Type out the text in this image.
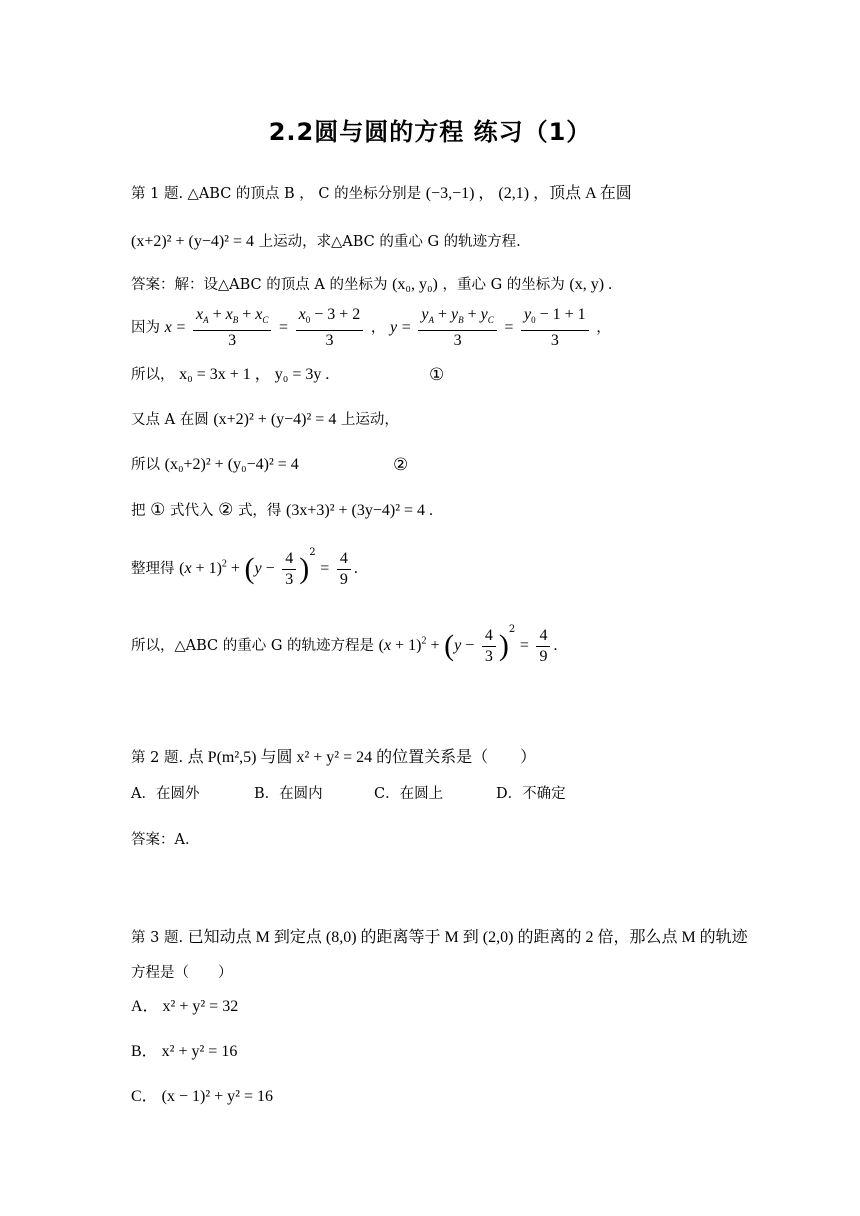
2.2圆与圆的方程 练习（1）
第 1 题. △ABC 的顶点 B ， C 的坐标分别是 (−3,−1) ， (2,1) ，顶点 A 在圆
(x+2)² + (y−4)² = 4 上运动，求△ABC 的重心 G 的轨迹方程.
答案：解：设△ABC 的顶点 A 的坐标为 (x₀, y₀) ，重心 G 的坐标为 (x, y) .
因为 $x = \frac{x_A + x_B + x_C}{3} = \frac{x_0 - 3 + 2}{3}$ ， $y = \frac{y_A + y_B + y_C}{3} = \frac{y_0 - 1 + 1}{3}$ ，
所以， x₀ = 3x + 1 ， y₀ = 3y .	①
又点 A 在圆 (x+2)² + (y−4)² = 4 上运动，
所以 (x₀+2)² + (y₀−4)² = 4	②
把 ① 式代入 ② 式，得 (3x+3)² + (3y−4)² = 4 .
整理得 $(x + 1)^2 + (y - \frac{4}{3} )^2 = \frac{4}{9}$ .
所以，△ABC 的重心 G 的轨迹方程是 $(x + 1)^2 + (y - \frac{4}{3} )^2 = \frac{4}{9}$ .
第 2 题. 点 P(m²,5) 与圆 x² + y² = 24 的位置关系是（　　）
A．在圆外	B．在圆内	C．在圆上	D．不确定
答案：A．
第 3 题. 已知动点 M 到定点 (8,0) 的距离等于 M 到 (2,0) 的距离的 2 倍，那么点 M 的轨迹
方程是（　　）
A． x² + y² = 32
B． x² + y² = 16
C． (x − 1)² + y² = 16
